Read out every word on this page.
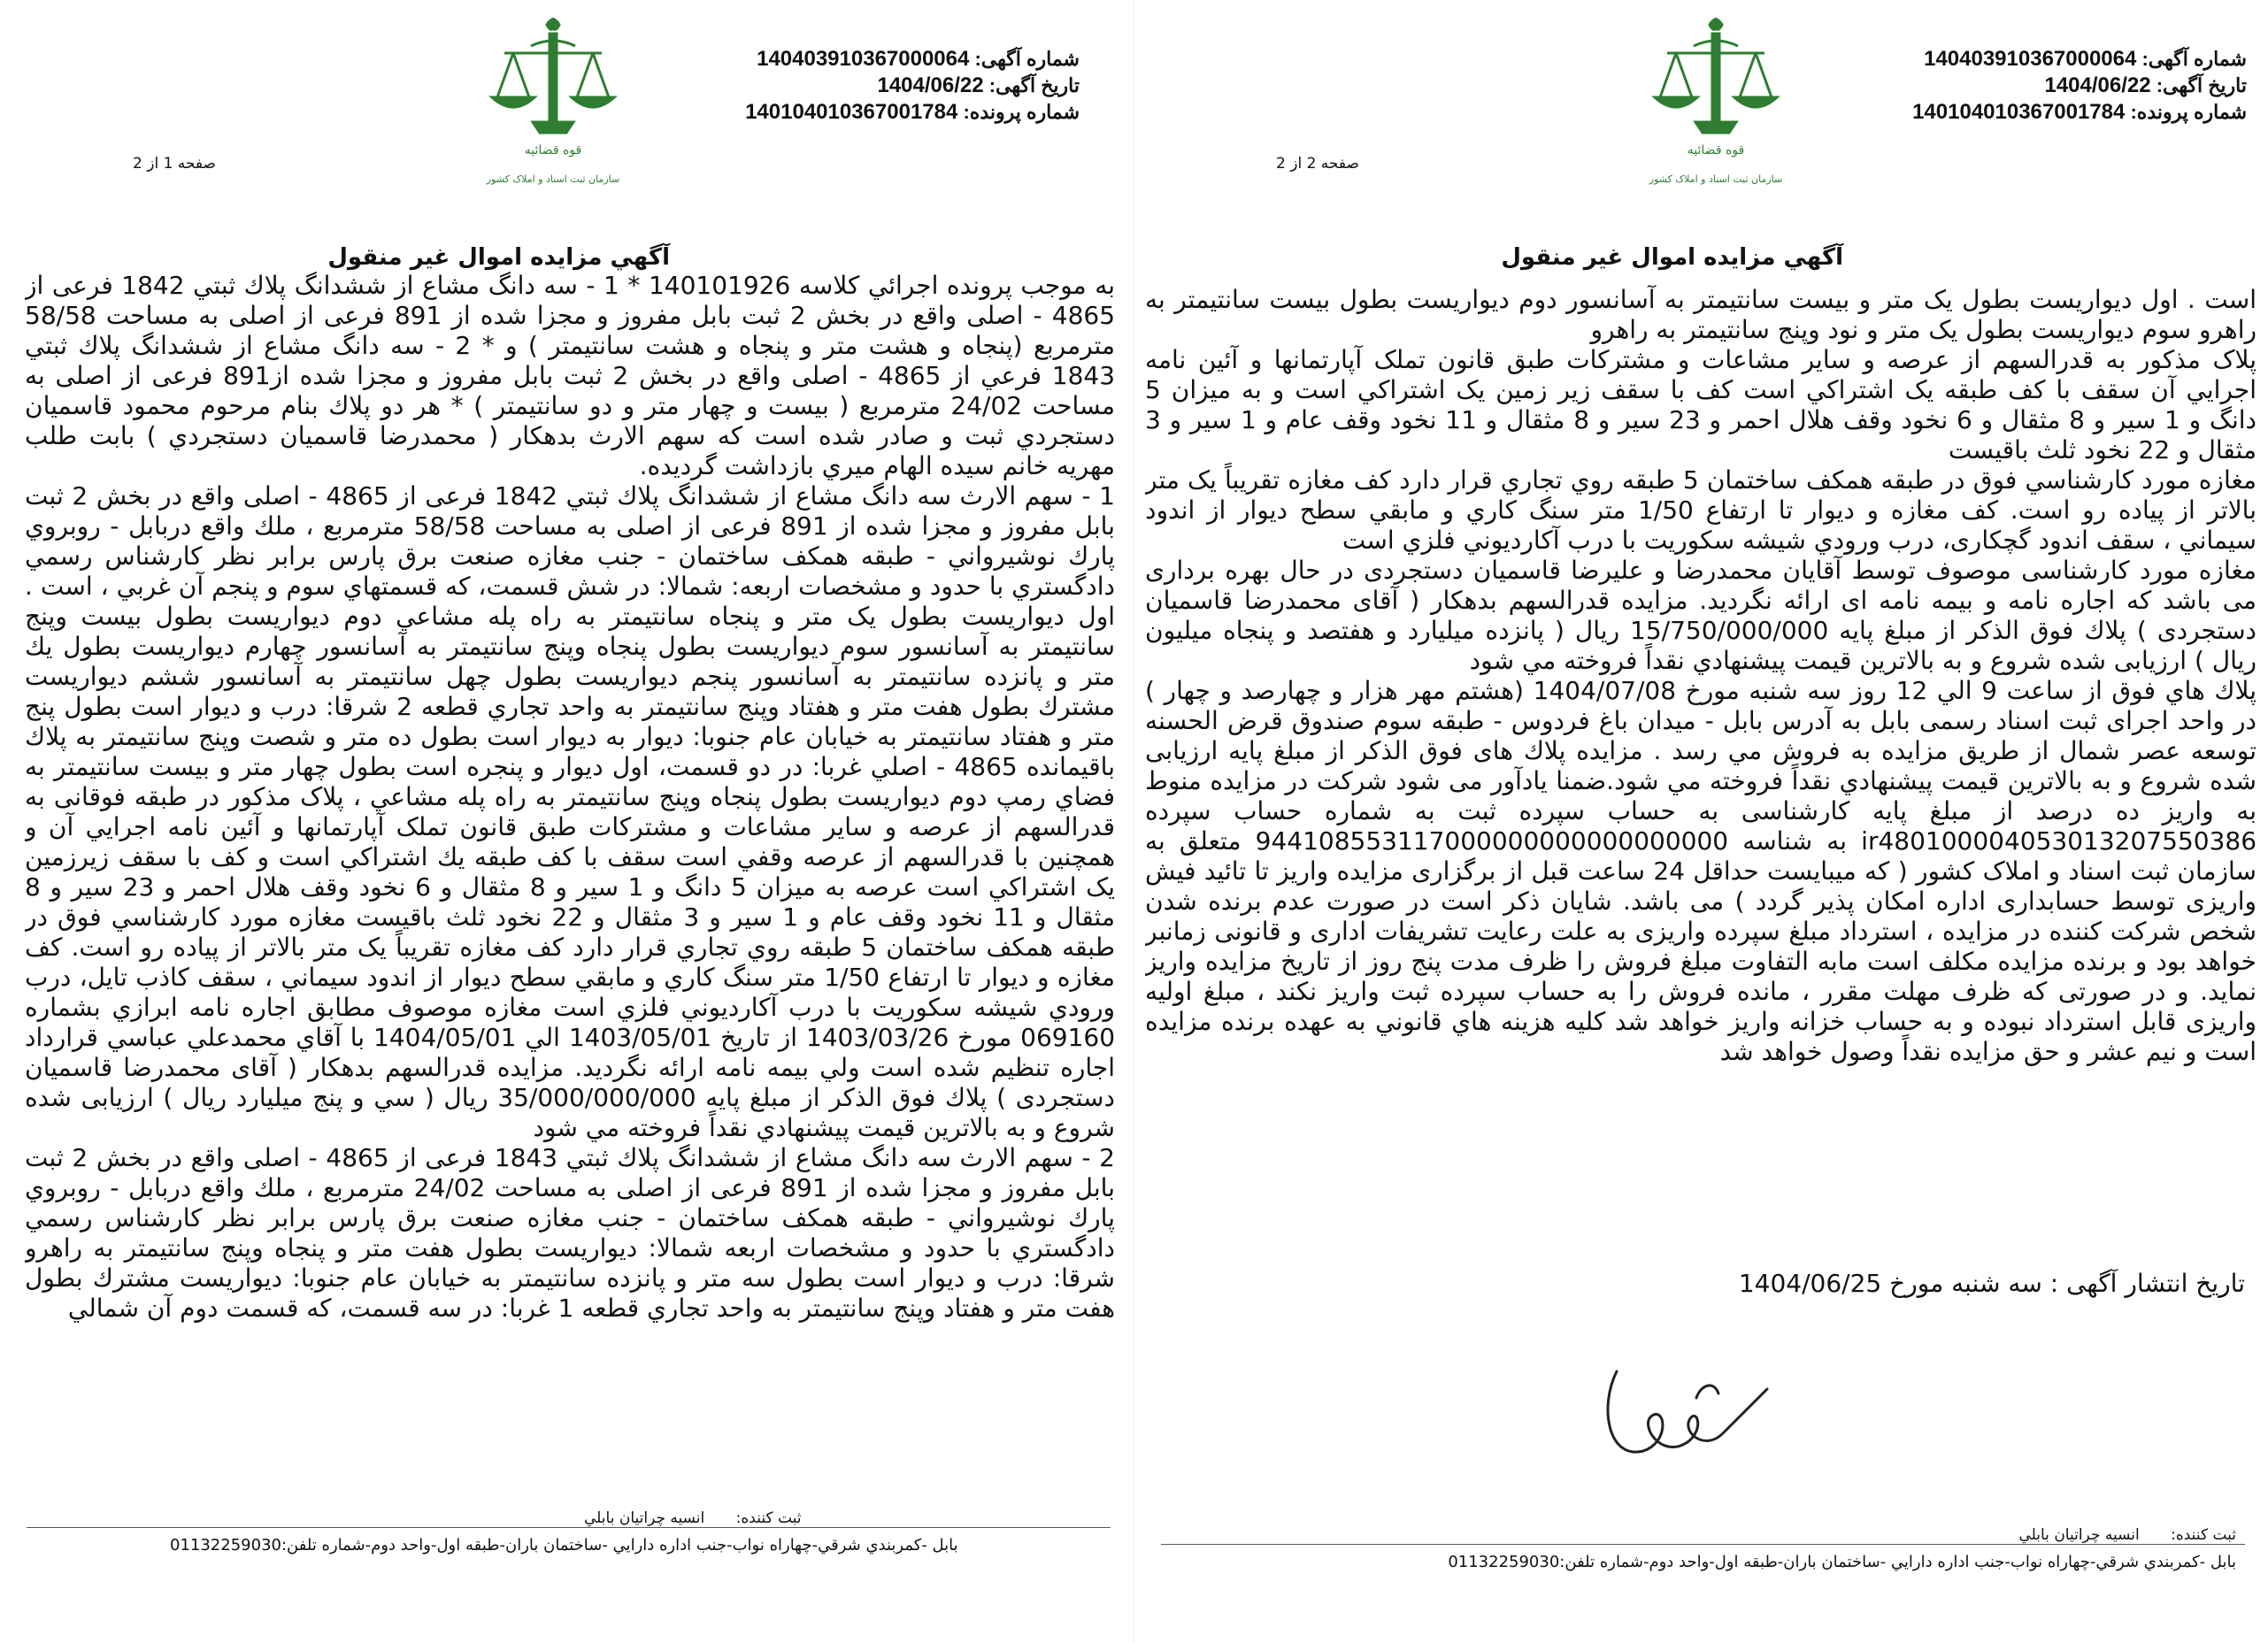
قوه قضائیه
سازمان ثبت اسناد و املاک کشور
شماره آگهی: 140403910367000064
تاریخ آگهی: 1404/06/22
شماره پرونده: 140104010367001784
صفحه 1 از 2
آگهي مزايده اموال غير منقول

به موجب پرونده اجرائي كلاسه 140101926 * 1 - سه دانگ مشاع از ششدانگ پلاك ثبتي 1842 فرعی از 4865 - اصلی واقع در بخش 2 ثبت بابل مفروز و مجزا شده از 891 فرعی از اصلی به مساحت 58/58 مترمربع (پنجاه و هشت متر و پنجاه و هشت سانتيمتر ) و * 2 - سه دانگ مشاع از ششدانگ پلاك ثبتي 1843 فرعي از 4865 - اصلی واقع در بخش 2 ثبت بابل مفروز و مجزا شده از891 فرعی از اصلی به مساحت 24/02 مترمربع ( بيست و چهار متر و دو سانتيمتر ) * هر دو پلاك بنام مرحوم محمود قاسميان دستجردي ثبت و صادر شده است كه سهم الارث بدهكار ( محمدرضا قاسميان دستجردي ) بابت طلب مهريه خانم سيده الهام ميري بازداشت گرديده.

1 - سهم الارث سه دانگ مشاع از ششدانگ پلاك ثبتي 1842 فرعی از 4865 - اصلی واقع در بخش 2 ثبت بابل مفروز و مجزا شده از 891 فرعی از اصلی به مساحت 58/58 مترمربع ، ملك واقع دربابل - روبروي پارك نوشيرواني - طبقه همكف ساختمان - جنب مغازه صنعت برق پارس برابر نظر كارشناس رسمي دادگستري با حدود و مشخصات اربعه: شمالا: در شش قسمت، كه قسمتهاي سوم و پنجم آن غربي ، است . اول ديواريست بطول يک متر و پنجاه سانتيمتر به راه پله مشاعي دوم ديواريست بطول بيست وپنج سانتيمتر به آسانسور سوم ديواريست بطول پنجاه وپنج سانتيمتر به آسانسور چهارم ديواريست بطول يك متر و پانزده سانتيمتر به آسانسور پنجم ديواريست بطول چهل سانتيمتر به آسانسور ششم ديواريست مشترك بطول هفت متر و هفتاد وپنج سانتيمتر به واحد تجاري قطعه 2 شرقا: درب و ديوار است بطول پنج متر و هفتاد سانتيمتر به خيابان عام جنوبا: ديوار به ديوار است بطول ده متر و شصت وپنج سانتيمتر به پلاك باقيمانده 4865 - اصلي غربا: در دو قسمت، اول ديوار و پنجره است بطول چهار متر و بيست سانتيمتر به فضاي رمپ دوم ديواريست بطول پنجاه وپنج سانتيمتر به راه پله مشاعي ، پلاک مذکور در طبقه فوقانی به قدرالسهم از عرصه و ساير مشاعات و مشتركات طبق قانون تملک آپارتمانها و آئين نامه اجرايي آن و همچنين با قدرالسهم از عرصه وقفي است سقف با كف طبقه يك اشتراكي است و كف با سقف زيرزمين يک اشتراكي است عرصه به ميزان 5 دانگ و 1 سير و 8 مثقال و 6 نخود وقف هلال احمر و 23 سير و 8 مثقال و 11 نخود وقف عام و 1 سير و 3 مثقال و 22 نخود ثلث باقيست مغازه مورد كارشناسي فوق در طبقه همكف ساختمان 5 طبقه روي تجاري قرار دارد كف مغازه تقريباً يک متر بالاتر از پياده رو است. كف مغازه و ديوار تا ارتفاع 1/50 متر سنگ كاري و مابقي سطح ديوار از اندود سيماني ، سقف كاذب تايل، درب ورودي شيشه سكوريت با درب آكارديوني فلزي است مغازه موصوف مطابق اجاره نامه ابرازي بشماره 069160 مورخ 1403/03/26 از تاريخ 1403/05/01 الي 1404/05/01 با آقاي محمدعلي عباسي قرارداد اجاره تنظيم شده است ولي بيمه نامه ارائه نگرديد. مزايده قدرالسهم بدهكار ( آقای محمدرضا قاسميان دستجردی ) پلاك فوق الذكر از مبلغ پايه 35/000/000/000 ريال ( سي و پنج ميليارد ريال ) ارزيابی شده شروع و به بالاترين قيمت پيشنهادي نقداً فروخته مي شود

2 - سهم الارث سه دانگ مشاع از ششدانگ پلاك ثبتي 1843 فرعی از 4865 - اصلی واقع در بخش 2 ثبت بابل مفروز و مجزا شده از 891 فرعی از اصلی به مساحت 24/02 مترمربع ، ملك واقع دربابل - روبروي پارك نوشيرواني - طبقه همكف ساختمان - جنب مغازه صنعت برق پارس برابر نظر كارشناس رسمي دادگستري با حدود و مشخصات اربعه شمالا: ديواريست بطول هفت متر و پنجاه وپنج سانتيمتر به راهرو شرقا: درب و ديوار است بطول سه متر و پانزده سانتيمتر به خيابان عام جنوبا: ديواريست مشترك بطول هفت متر و هفتاد وپنج سانتيمتر به واحد تجاري قطعه 1 غربا: در سه قسمت، كه قسمت دوم آن شمالي

ثبت کننده: انسيه چراتيان بابلي
بابل -كمربندي شرقي-چهاراه نواب-جنب اداره دارايي -ساختمان باران-طبقه اول-واحد دوم-شماره تلفن:01132259030
قوه قضائیه
سازمان ثبت اسناد و املاک کشور
شماره آگهی: 140403910367000064
تاریخ آگهی: 1404/06/22
شماره پرونده: 140104010367001784
صفحه 2 از 2
آگهي مزايده اموال غير منقول

است . اول ديواريست بطول يک متر و بيست سانتيمتر به آسانسور دوم ديواريست بطول بيست سانتيمتر به راهرو سوم ديواريست بطول يک متر و نود وپنج سانتيمتر به راهرو

پلاک مذکور به قدرالسهم از عرصه و ساير مشاعات و مشتركات طبق قانون تملک آپارتمانها و آئين نامه اجرايي آن سقف با كف طبقه يک اشتراكي است كف با سقف زير زمين يک اشتراكي است و به ميزان 5 دانگ و 1 سير و 8 مثقال و 6 نخود وقف هلال احمر و 23 سير و 8 مثقال و 11 نخود وقف عام و 1 سير و 3 مثقال و 22 نخود ثلث باقيست

مغازه مورد كارشناسي فوق در طبقه همكف ساختمان 5 طبقه روي تجاري قرار دارد كف مغازه تقريباً يک متر بالاتر از پياده رو است. كف مغازه و ديوار تا ارتفاع 1/50 متر سنگ كاري و مابقي سطح ديوار از اندود سيماني ، سقف اندود گچكاری، درب ورودي شيشه سكوريت با درب آكارديوني فلزي است

مغازه مورد كارشناسی موصوف توسط آقايان محمدرضا و عليرضا قاسميان دستجردی در حال بهره برداری می باشد كه اجاره نامه و بيمه نامه ای ارائه نگرديد. مزايده قدرالسهم بدهكار ( آقای محمدرضا قاسميان دستجردی ) پلاك فوق الذكر از مبلغ پايه 15/750/000/000 ريال ( پانزده ميليارد و هفتصد و پنجاه ميليون ريال ) ارزيابی شده شروع و به بالاترين قيمت پيشنهادي نقداً فروخته مي شود

پلاك هاي فوق از ساعت 9 الي 12 روز سه شنبه مورخ 1404/07/08 (هشتم مهر هزار و چهارصد و چهار ) در واحد اجرای ثبت اسناد رسمی بابل به آدرس بابل - ميدان باغ فردوس - طبقه سوم صندوق قرض الحسنه توسعه عصر شمال از طريق مزايده به فروش مي رسد . مزايده پلاك های فوق الذكر از مبلغ پايه ارزيابی شده شروع و به بالاترين قيمت پيشنهادي نقداً فروخته مي شود.ضمنا يادآور می شود شركت در مزايده منوط به واريز ده درصد از مبلغ پايه كارشناسی به حساب سپرده ثبت به شماره حساب سپرده ir480100004053013207550386 به شناسه 944108553117000000000000000000 متعلق به سازمان ثبت اسناد و املاک کشور ( كه ميبايست حداقل 24 ساعت قبل از برگزاری مزايده واريز تا تائيد فيش واريزی توسط حسابداری اداره امكان پذير گردد ) می باشد. شايان ذكر است در صورت عدم برنده شدن شخص شركت كننده در مزايده ، استرداد مبلغ سپرده واريزی به علت رعايت تشريفات اداری و قانونی زمانبر خواهد بود و برنده مزايده مكلف است مابه التفاوت مبلغ فروش را ظرف مدت پنج روز از تاريخ مزايده واريز نمايد. و در صورتی كه ظرف مهلت مقرر ، مانده فروش را به حساب سپرده ثبت واريز نكند ، مبلغ اوليه واريزی قابل استرداد نبوده و به حساب خزانه واريز خواهد شد كليه هزينه هاي قانوني به عهده برنده مزايده است و نيم عشر و حق مزايده نقداً وصول خواهد شد

تاريخ انتشار آگهی : سه شنبه مورخ 1404/06/25
ثبت کننده: انسيه چراتيان بابلي
بابل -كمربندي شرقي-چهاراه نواب-جنب اداره دارايي -ساختمان باران-طبقه اول-واحد دوم-شماره تلفن:01132259030
